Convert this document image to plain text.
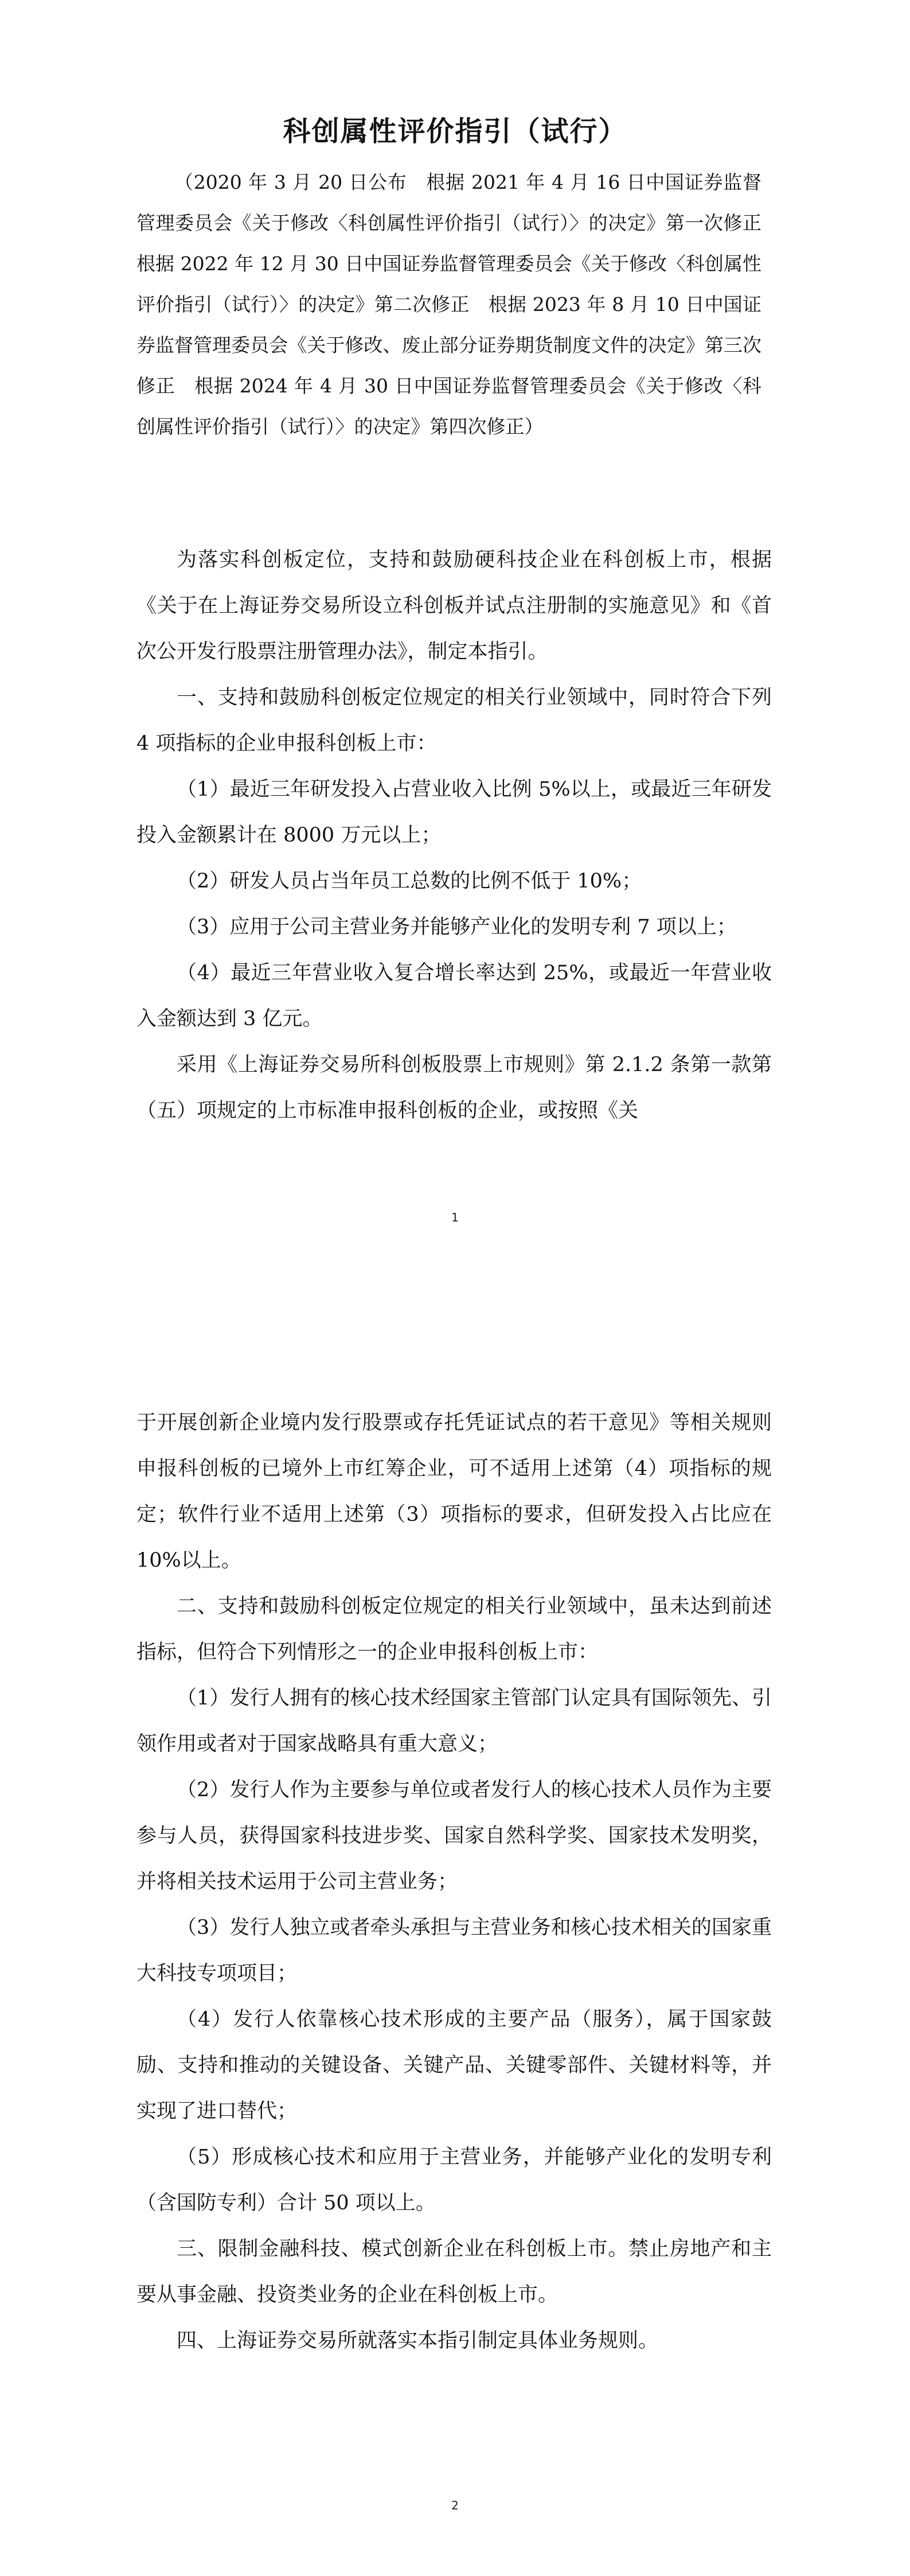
科创属性评价指引（试行）

（2020 年 3 月 20 日公布　根据 2021 年 4 月 16 日中国证券监督管理委员会《关于修改〈科创属性评价指引（试行）〉的决定》第一次修正　根据 2022 年 12 月 30 日中国证券监督管理委员会《关于修改〈科创属性评价指引（试行）〉的决定》第二次修正　根据 2023 年 8 月 10 日中国证券监督管理委员会《关于修改、废止部分证券期货制度文件的决定》第三次修正　根据 2024 年 4 月 30 日中国证券监督管理委员会《关于修改〈科创属性评价指引（试行）〉的决定》第四次修正）

为落实科创板定位，支持和鼓励硬科技企业在科创板上市，根据《关于在上海证券交易所设立科创板并试点注册制的实施意见》和《首次公开发行股票注册管理办法》，制定本指引。

一、支持和鼓励科创板定位规定的相关行业领域中，同时符合下列 4 项指标的企业申报科创板上市：

（1）最近三年研发投入占营业收入比例 5%以上，或最近三年研发投入金额累计在 8000 万元以上；

（2）研发人员占当年员工总数的比例不低于 10%；

（3）应用于公司主营业务并能够产业化的发明专利 7 项以上；

（4）最近三年营业收入复合增长率达到 25%，或最近一年营业收入金额达到 3 亿元。

采用《上海证券交易所科创板股票上市规则》第 2.1.2 条第一款第（五）项规定的上市标准申报科创板的企业，或按照《关

1

于开展创新企业境内发行股票或存托凭证试点的若干意见》等相关规则申报科创板的已境外上市红筹企业，可不适用上述第（4）项指标的规定；软件行业不适用上述第（3）项指标的要求，但研发投入占比应在 10%以上。

二、支持和鼓励科创板定位规定的相关行业领域中，虽未达到前述指标，但符合下列情形之一的企业申报科创板上市：

（1）发行人拥有的核心技术经国家主管部门认定具有国际领先、引领作用或者对于国家战略具有重大意义；

（2）发行人作为主要参与单位或者发行人的核心技术人员作为主要参与人员，获得国家科技进步奖、国家自然科学奖、国家技术发明奖，并将相关技术运用于公司主营业务；

（3）发行人独立或者牵头承担与主营业务和核心技术相关的国家重大科技专项项目；

（4）发行人依靠核心技术形成的主要产品（服务），属于国家鼓励、支持和推动的关键设备、关键产品、关键零部件、关键材料等，并实现了进口替代；

（5）形成核心技术和应用于主营业务，并能够产业化的发明专利（含国防专利）合计 50 项以上。

三、限制金融科技、模式创新企业在科创板上市。禁止房地产和主要从事金融、投资类业务的企业在科创板上市。

四、上海证券交易所就落实本指引制定具体业务规则。

2
